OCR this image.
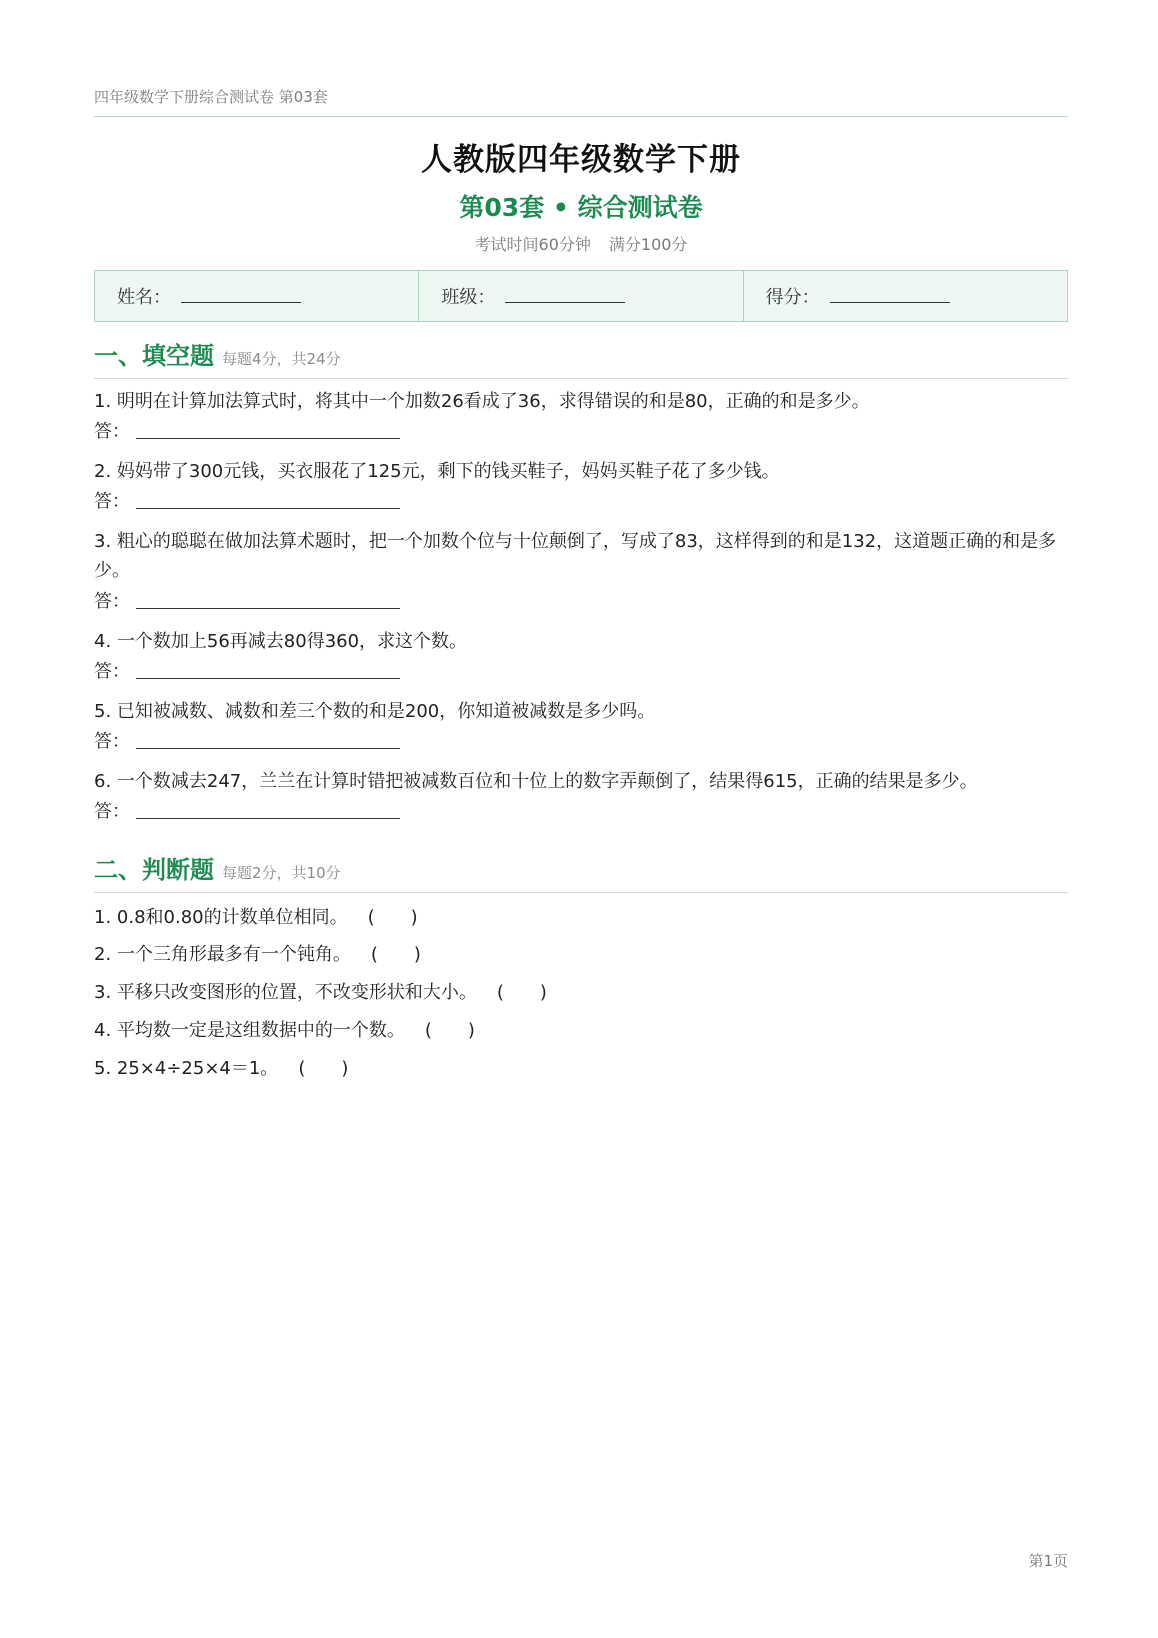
四年级数学下册综合测试卷 第03套
人教版四年级数学下册
第03套 • 综合测试卷
考试时间60分钟 满分100分
姓名：	班级：	得分：
一、填空题 每题4分，共24分
1. 明明在计算加法算式时，将其中一个加数26看成了36，求得错误的和是80，正确的和是多少。
答：
2. 妈妈带了300元钱，买衣服花了125元，剩下的钱买鞋子，妈妈买鞋子花了多少钱。
答：
3. 粗心的聪聪在做加法算术题时，把一个加数个位与十位颠倒了，写成了83，这样得到的和是132，这道题正确的和是多少。
答：
4. 一个数加上56再减去80得360，求这个数。
答：
5. 已知被减数、减数和差三个数的和是200，你知道被减数是多少吗。
答：
6. 一个数减去247，兰兰在计算时错把被减数百位和十位上的数字弄颠倒了，结果得615，正确的结果是多少。
答：
二、判断题 每题2分，共10分
1. 0.8和0.80的计数单位相同。 (　　)
2. 一个三角形最多有一个钝角。 (　　)
3. 平移只改变图形的位置，不改变形状和大小。 (　　)
4. 平均数一定是这组数据中的一个数。 (　　)
5. 25×4÷25×4＝1。 (　　)
第1页
